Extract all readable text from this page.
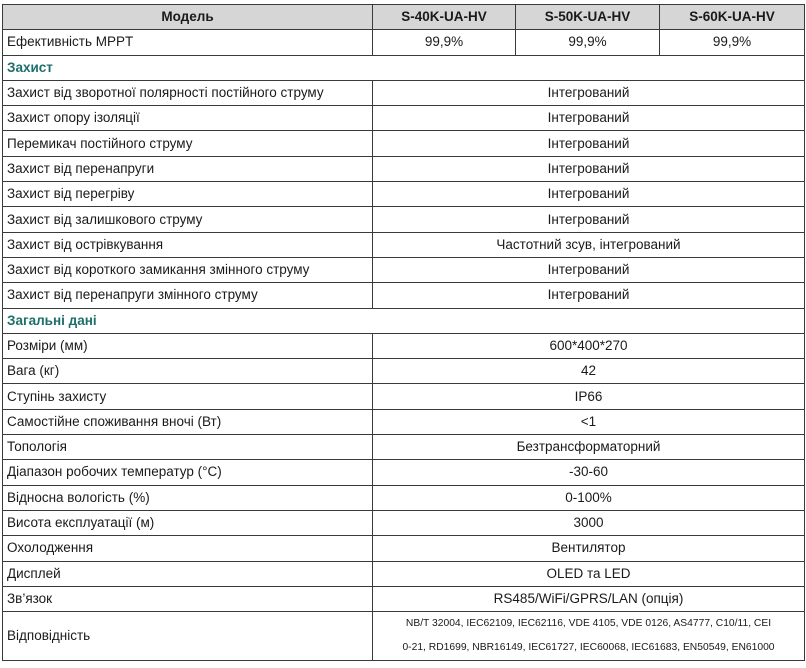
Модель	S-40K-UA-HV	S-50K-UA-HV	S-60K-UA-HV
Ефективність MPPT	99,9%	99,9%	99,9%
Захист			
Захист від зворотної полярності постійного струму	Інтегрований		
Захист опору ізоляції	Інтегрований		
Перемикач постійного струму	Інтегрований		
Захист від перенапруги	Інтегрований		
Захист від перегріву	Інтегрований		
Захист від залишкового струму	Інтегрований		
Захист від острівкування	Частотний зсув, інтегрований		
Захист від короткого замикання змінного струму	Інтегрований		
Захист від перенапруги змінного струму	Інтегрований		
Загальні дані			
Розміри (мм)	600*400*270		
Вага (кг)	42		
Ступінь захисту	IP66		
Самостійне споживання вночі (Вт)	<1		
Топологія	Безтрансформаторний		
Діапазон робочих температур (°C)	-30-60		
Відносна вологість (%)	0-100%		
Висота експлуатації (м)	3000		
Охолодження	Вентилятор		
Дисплей	OLED та LED		
Зв’язок	RS485/WiFi/GPRS/LAN (опція)		
Відповідність	NB/T 32004, IEC62109, IEC62116, VDE 4105, VDE 0126, AS4777, C10/11, CEI
0-21, RD1699, NBR16149, IEC61727, IEC60068, IEC61683, EN50549, EN61000		
